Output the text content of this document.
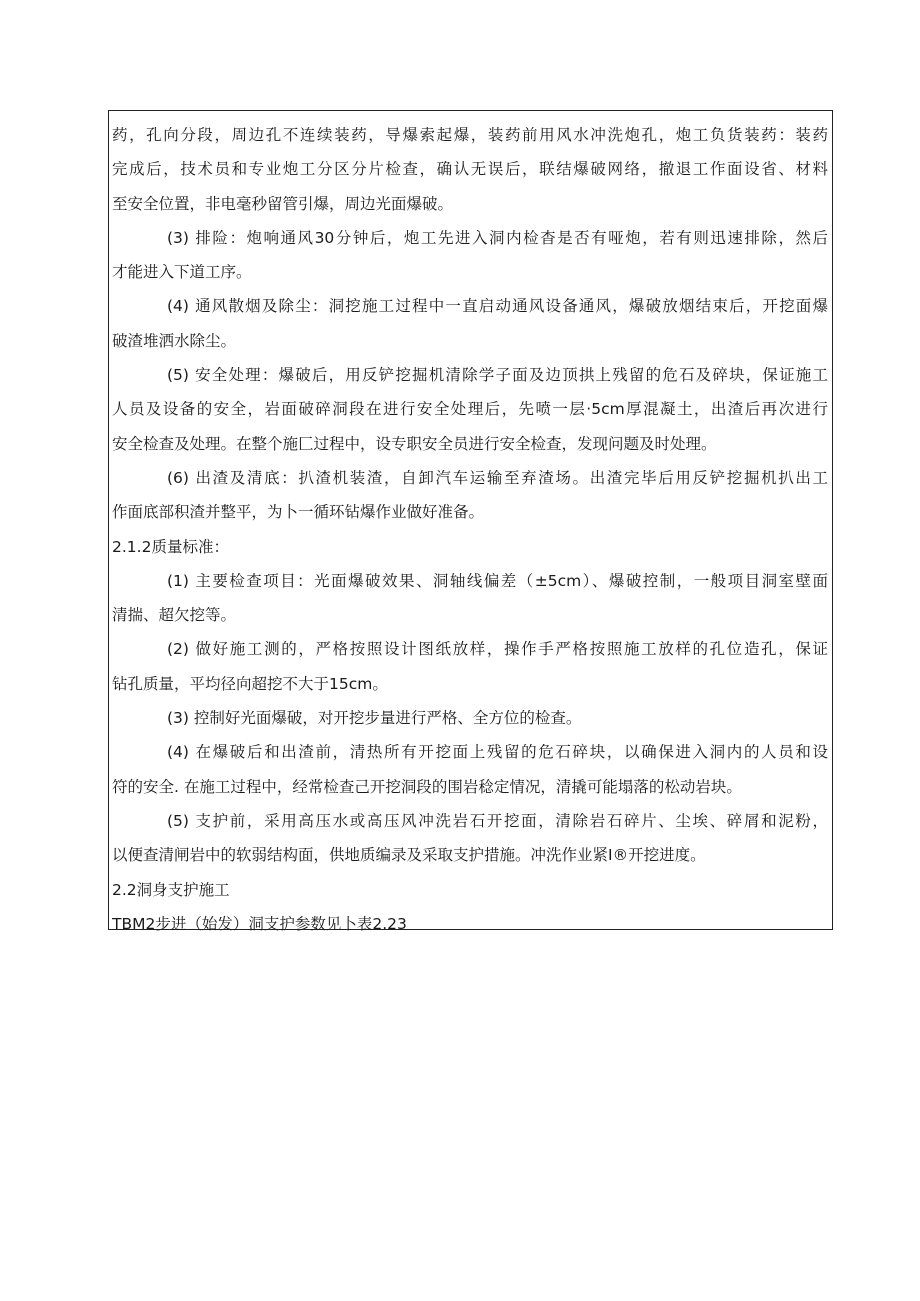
药，孔向分段，周边孔不连续装药，导爆索起爆，装药前用风水冲洗炮孔，炮工负货装药：装药
完成后，技术员和专业炮工分区分片检查，确认无误后，联结爆破网络，撤退工作面设省、材料
至安全位置，非电毫秒留管引爆，周边光面爆破。
(3) 排险：炮响通风30分钟后，炮工先进入洞内检杳是否有哑炮，若有则迅速排除，然后
才能进入下道工序。
(4) 通风散烟及除尘：洞挖施工过程中一直启动通风设备通风，爆破放烟结束后，开挖面爆
破渣堆洒水除尘。
(5) 安全处理：爆破后，用反铲挖掘机清除学子面及边顶拱上残留的危石及碎块，保证施工
人员及设备的安全，岩面破碎洞段在进行安全处理后，先喷一层·5cm厚混凝土，出渣后再次进行
安全检查及处理。在整个施匚过程中，设专职安全员进行安全检查，发现问题及时处理。
(6) 出渣及清底：扒渣机装渣，自卸汽车运输至弃渣场。出渣完毕后用反铲挖掘机扒出工
作面底部积渣并整平，为卜一循环钻爆作业做好准备。
2.1.2质量标准：
(1) 主要检查项目：光面爆破效果、洞轴线偏差（±5cm）、爆破控制，一般项目洞室壁面
清揣、超欠挖等。
(2) 做好施工测的，严格按照设计图纸放样，操作手严格按照施工放样的孔位造孔，保证
钻孔质量，平均径向超挖不大于15cm。
(3) 控制好光面爆破，对开挖步量进行严格、全方位的检查。
(4) 在爆破后和出渣前，清热所有开挖面上残留的危石碎块，以确保进入洞内的人员和设
符的安全. 在施工过程中，经常检查己开挖洞段的围岩稔定情况，清撬可能塌落的松动岩块。
(5) 支护前，采用高压水或高压风冲洗岩石开挖面，清除岩石碎片、尘埃、碎屑和泥粉，
以便查清闸岩中的软弱结构面，供地质编录及采取支护措施。冲洗作业紧I®开挖进度。
2.2洞身支护施工
TBM2步进（始发）洞支护参数见卜表2.23
